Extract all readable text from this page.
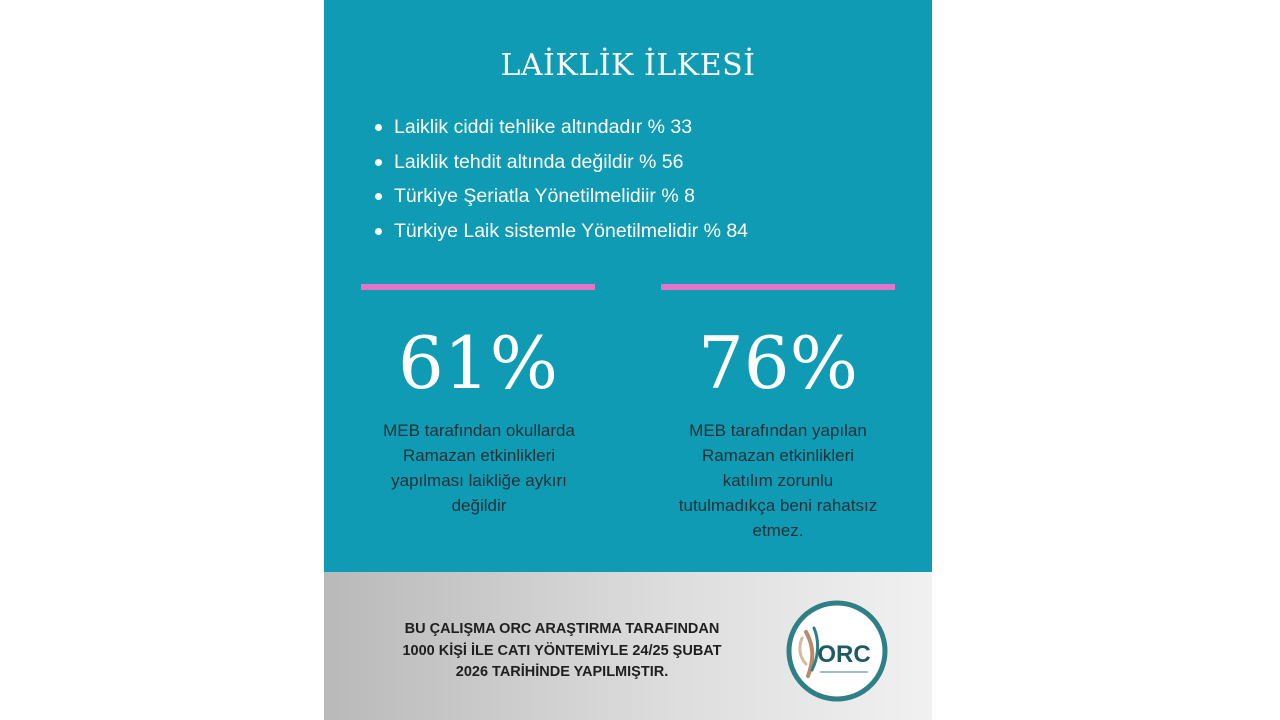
LAİKLİK İLKESİ
Laiklik ciddi tehlike altındadır % 33
Laiklik tehdit altında değildir % 56
Türkiye Şeriatla Yönetilmelidiir % 8
Türkiye Laik sistemle Yönetilmelidir % 84
61%	76%
MEB tarafından okullarda
Ramazan etkinlikleri
yapılması laikliğe aykırı
değildir
MEB tarafından yapılan
Ramazan etkinlikleri
katılım zorunlu
tutulmadıkça beni rahatsız
etmez.
BU ÇALIŞMA ORC ARAŞTIRMA TARAFINDAN
1000 KİŞİ İLE CATI YÖNTEMİYLE 24/25 ŞUBAT
2026 TARİHİNDE YAPILMIŞTIR.
ORC
